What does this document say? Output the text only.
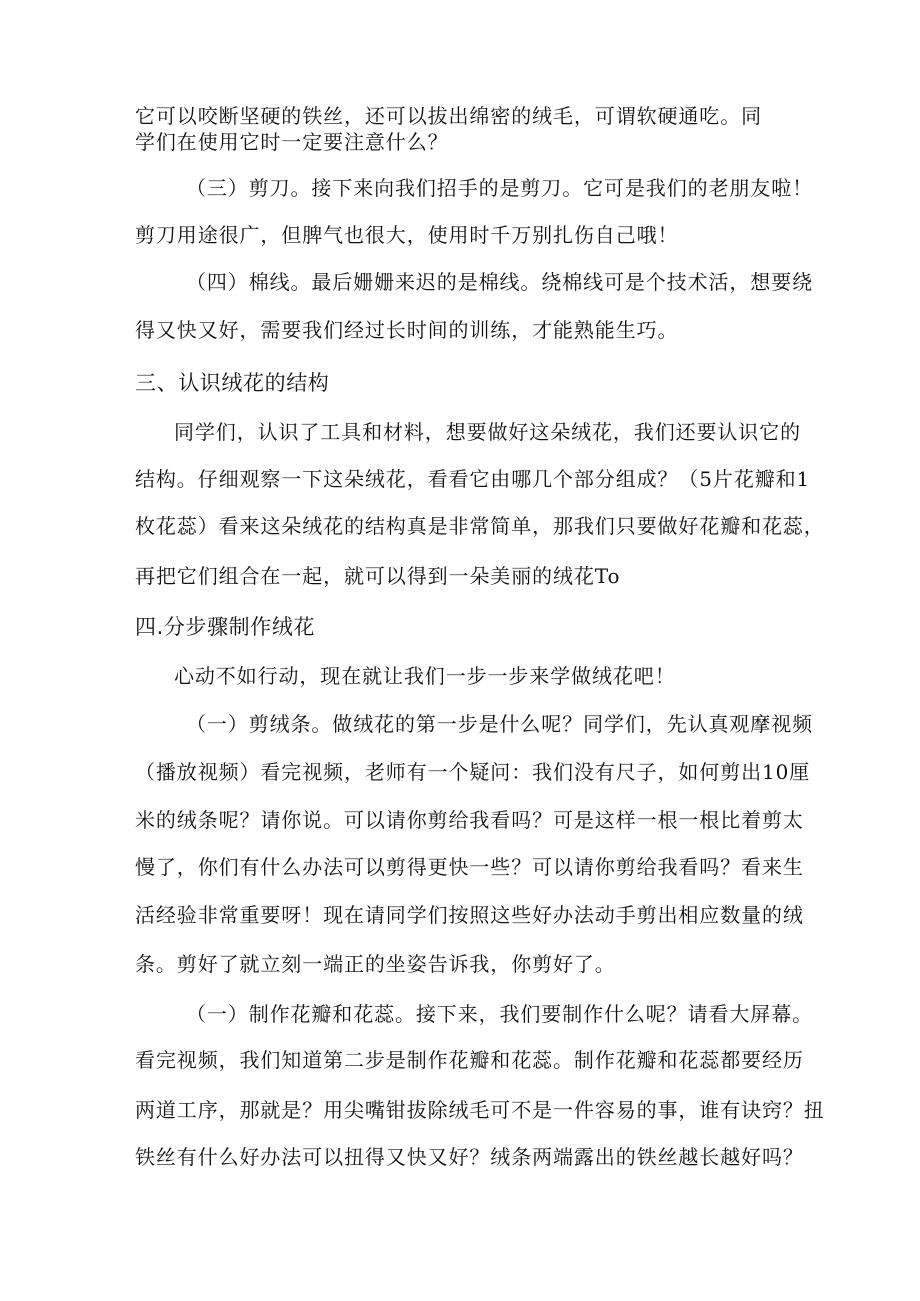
它可以咬断坚硬的铁丝，还可以拔出绵密的绒毛，可谓软硬通吃。同
学们在使用它时一定要注意什么？
（三）剪刀。接下来向我们招手的是剪刀。它可是我们的老朋友啦！
剪刀用途很广，但脾气也很大，使用时千万别扎伤自己哦！
（四）棉线。最后姗姗来迟的是棉线。绕棉线可是个技术活，想要绕
得又快又好，需要我们经过长时间的训练，才能熟能生巧。
三、认识绒花的结构
同学们，认识了工具和材料，想要做好这朵绒花，我们还要认识它的
结构。仔细观察一下这朵绒花，看看它由哪几个部分组成？（5片花瓣和1
枚花蕊）看来这朵绒花的结构真是非常简单，那我们只要做好花瓣和花蕊，
再把它们组合在一起，就可以得到一朵美丽的绒花To
四.分步骤制作绒花
心动不如行动，现在就让我们一步一步来学做绒花吧！
（一）剪绒条。做绒花的第一步是什么呢？同学们，先认真观摩视频
（播放视频）看完视频，老师有一个疑问：我们没有尺子，如何剪出10厘
米的绒条呢？请你说。可以请你剪给我看吗？可是这样一根一根比着剪太
慢了，你们有什么办法可以剪得更快一些？可以请你剪给我看吗？看来生
活经验非常重要呀！现在请同学们按照这些好办法动手剪出相应数量的绒
条。剪好了就立刻一端正的坐姿告诉我，你剪好了。
（一）制作花瓣和花蕊。接下来，我们要制作什么呢？请看大屏幕。
看完视频，我们知道第二步是制作花瓣和花蕊。制作花瓣和花蕊都要经历
两道工序，那就是？用尖嘴钳拔除绒毛可不是一件容易的事，谁有诀窍？扭
铁丝有什么好办法可以扭得又快又好？绒条两端露出的铁丝越长越好吗？
